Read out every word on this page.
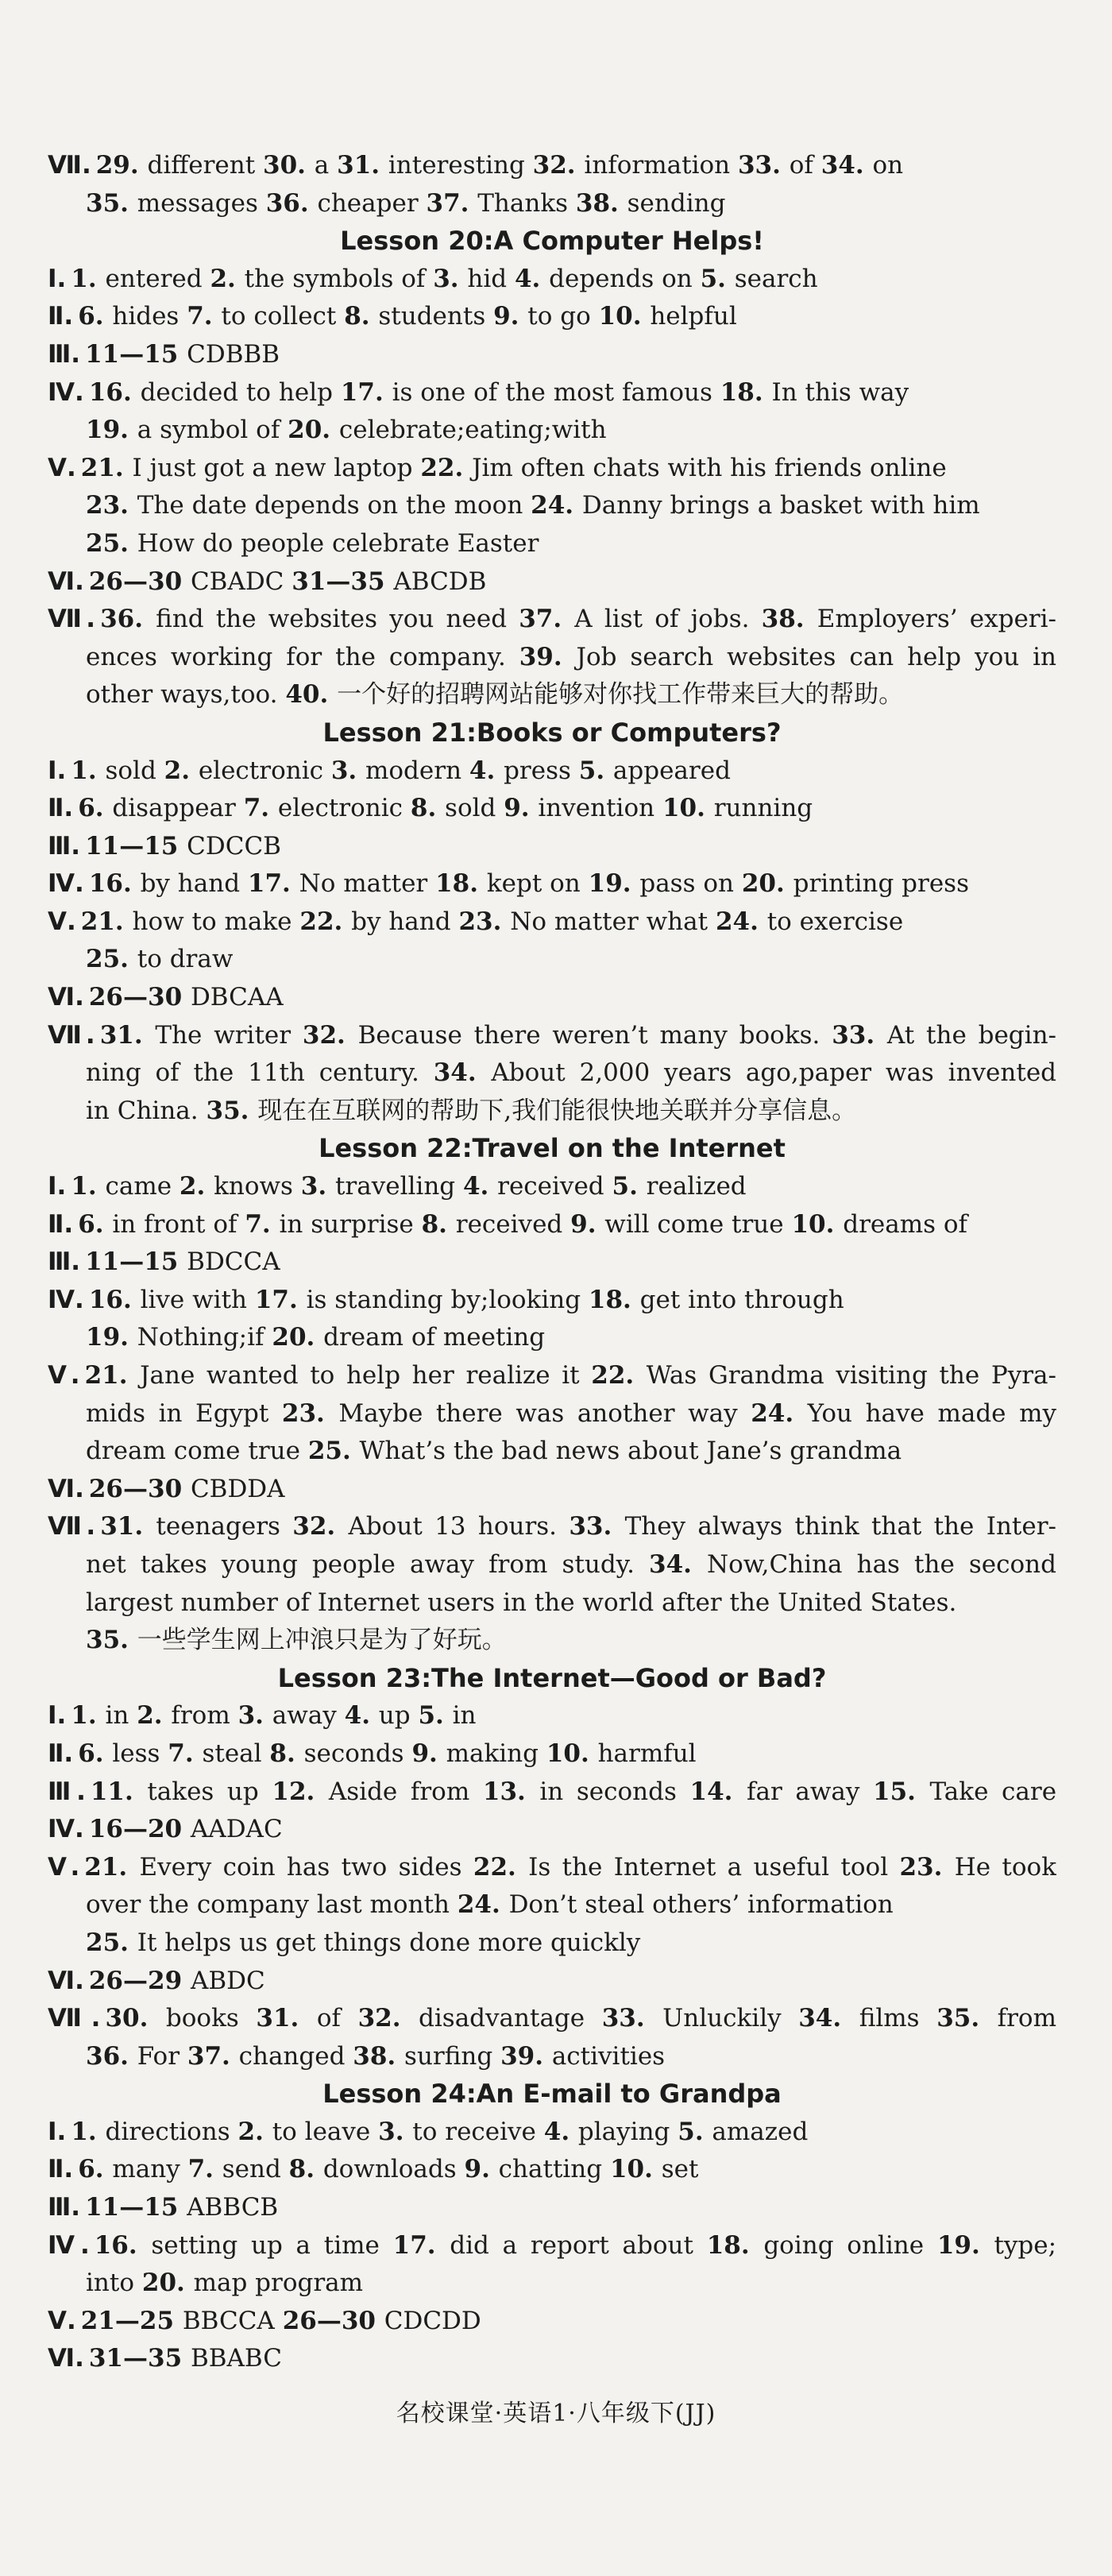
Ⅶ. 29. different 30. a 31. interesting 32. information 33. of 34. on
35. messages 36. cheaper 37. Thanks 38. sending
Lesson 20:A Computer Helps!
Ⅰ. 1. entered 2. the symbols of 3. hid 4. depends on 5. search
Ⅱ. 6. hides 7. to collect 8. students 9. to go 10. helpful
Ⅲ. 11—15 CDBBB
Ⅳ. 16. decided to help 17. is one of the most famous 18. In this way
19. a symbol of 20. celebrate;eating;with
Ⅴ. 21. I just got a new laptop 22. Jim often chats with his friends online
23. The date depends on the moon 24. Danny brings a basket with him
25. How do people celebrate Easter
Ⅵ. 26—30 CBADC 31—35 ABCDB
Ⅶ. 36. find the websites you need 37. A list of jobs. 38. Employers’ experi-
ences working for the company. 39. Job search websites can help you in
other ways,too. 40. 一个好的招聘网站能够对你找工作带来巨大的帮助。
Lesson 21:Books or Computers?
Ⅰ. 1. sold 2. electronic 3. modern 4. press 5. appeared
Ⅱ. 6. disappear 7. electronic 8. sold 9. invention 10. running
Ⅲ. 11—15 CDCCB
Ⅳ. 16. by hand 17. No matter 18. kept on 19. pass on 20. printing press
Ⅴ. 21. how to make 22. by hand 23. No matter what 24. to exercise
25. to draw
Ⅵ. 26—30 DBCAA
Ⅶ. 31. The writer 32. Because there weren’t many books. 33. At the begin-
ning of the 11th century. 34. About 2,000 years ago,paper was invented
in China. 35. 现在在互联网的帮助下,我们能很快地关联并分享信息。
Lesson 22:Travel on the Internet
Ⅰ. 1. came 2. knows 3. travelling 4. received 5. realized
Ⅱ. 6. in front of 7. in surprise 8. received 9. will come true 10. dreams of
Ⅲ. 11—15 BDCCA
Ⅳ. 16. live with 17. is standing by;looking 18. get into through
19. Nothing;if 20. dream of meeting
Ⅴ. 21. Jane wanted to help her realize it 22. Was Grandma visiting the Pyra-
mids in Egypt 23. Maybe there was another way 24. You have made my
dream come true 25. What’s the bad news about Jane’s grandma
Ⅵ. 26—30 CBDDA
Ⅶ. 31. teenagers 32. About 13 hours. 33. They always think that the Inter-
net takes young people away from study. 34. Now,China has the second
largest number of Internet users in the world after the United States.
35. 一些学生网上冲浪只是为了好玩。
Lesson 23:The Internet—Good or Bad?
Ⅰ. 1. in 2. from 3. away 4. up 5. in
Ⅱ. 6. less 7. steal 8. seconds 9. making 10. harmful
Ⅲ. 11. takes up 12. Aside from 13. in seconds 14. far away 15. Take care
Ⅳ. 16—20 AADAC
Ⅴ. 21. Every coin has two sides 22. Is the Internet a useful tool 23. He took
over the company last month 24. Don’t steal others’ information
25. It helps us get things done more quickly
Ⅵ. 26—29 ABDC
Ⅶ. 30. books 31. of 32. disadvantage 33. Unluckily 34. films 35. from
36. For 37. changed 38. surfing 39. activities
Lesson 24:An E-mail to Grandpa
Ⅰ. 1. directions 2. to leave 3. to receive 4. playing 5. amazed
Ⅱ. 6. many 7. send 8. downloads 9. chatting 10. set
Ⅲ. 11—15 ABBCB
Ⅳ. 16. setting up a time 17. did a report about 18. going online 19. type;
into 20. map program
Ⅴ. 21—25 BBCCA 26—30 CDCDD
Ⅵ. 31—35 BBABC
名校课堂·英语1·八年级下(JJ)
